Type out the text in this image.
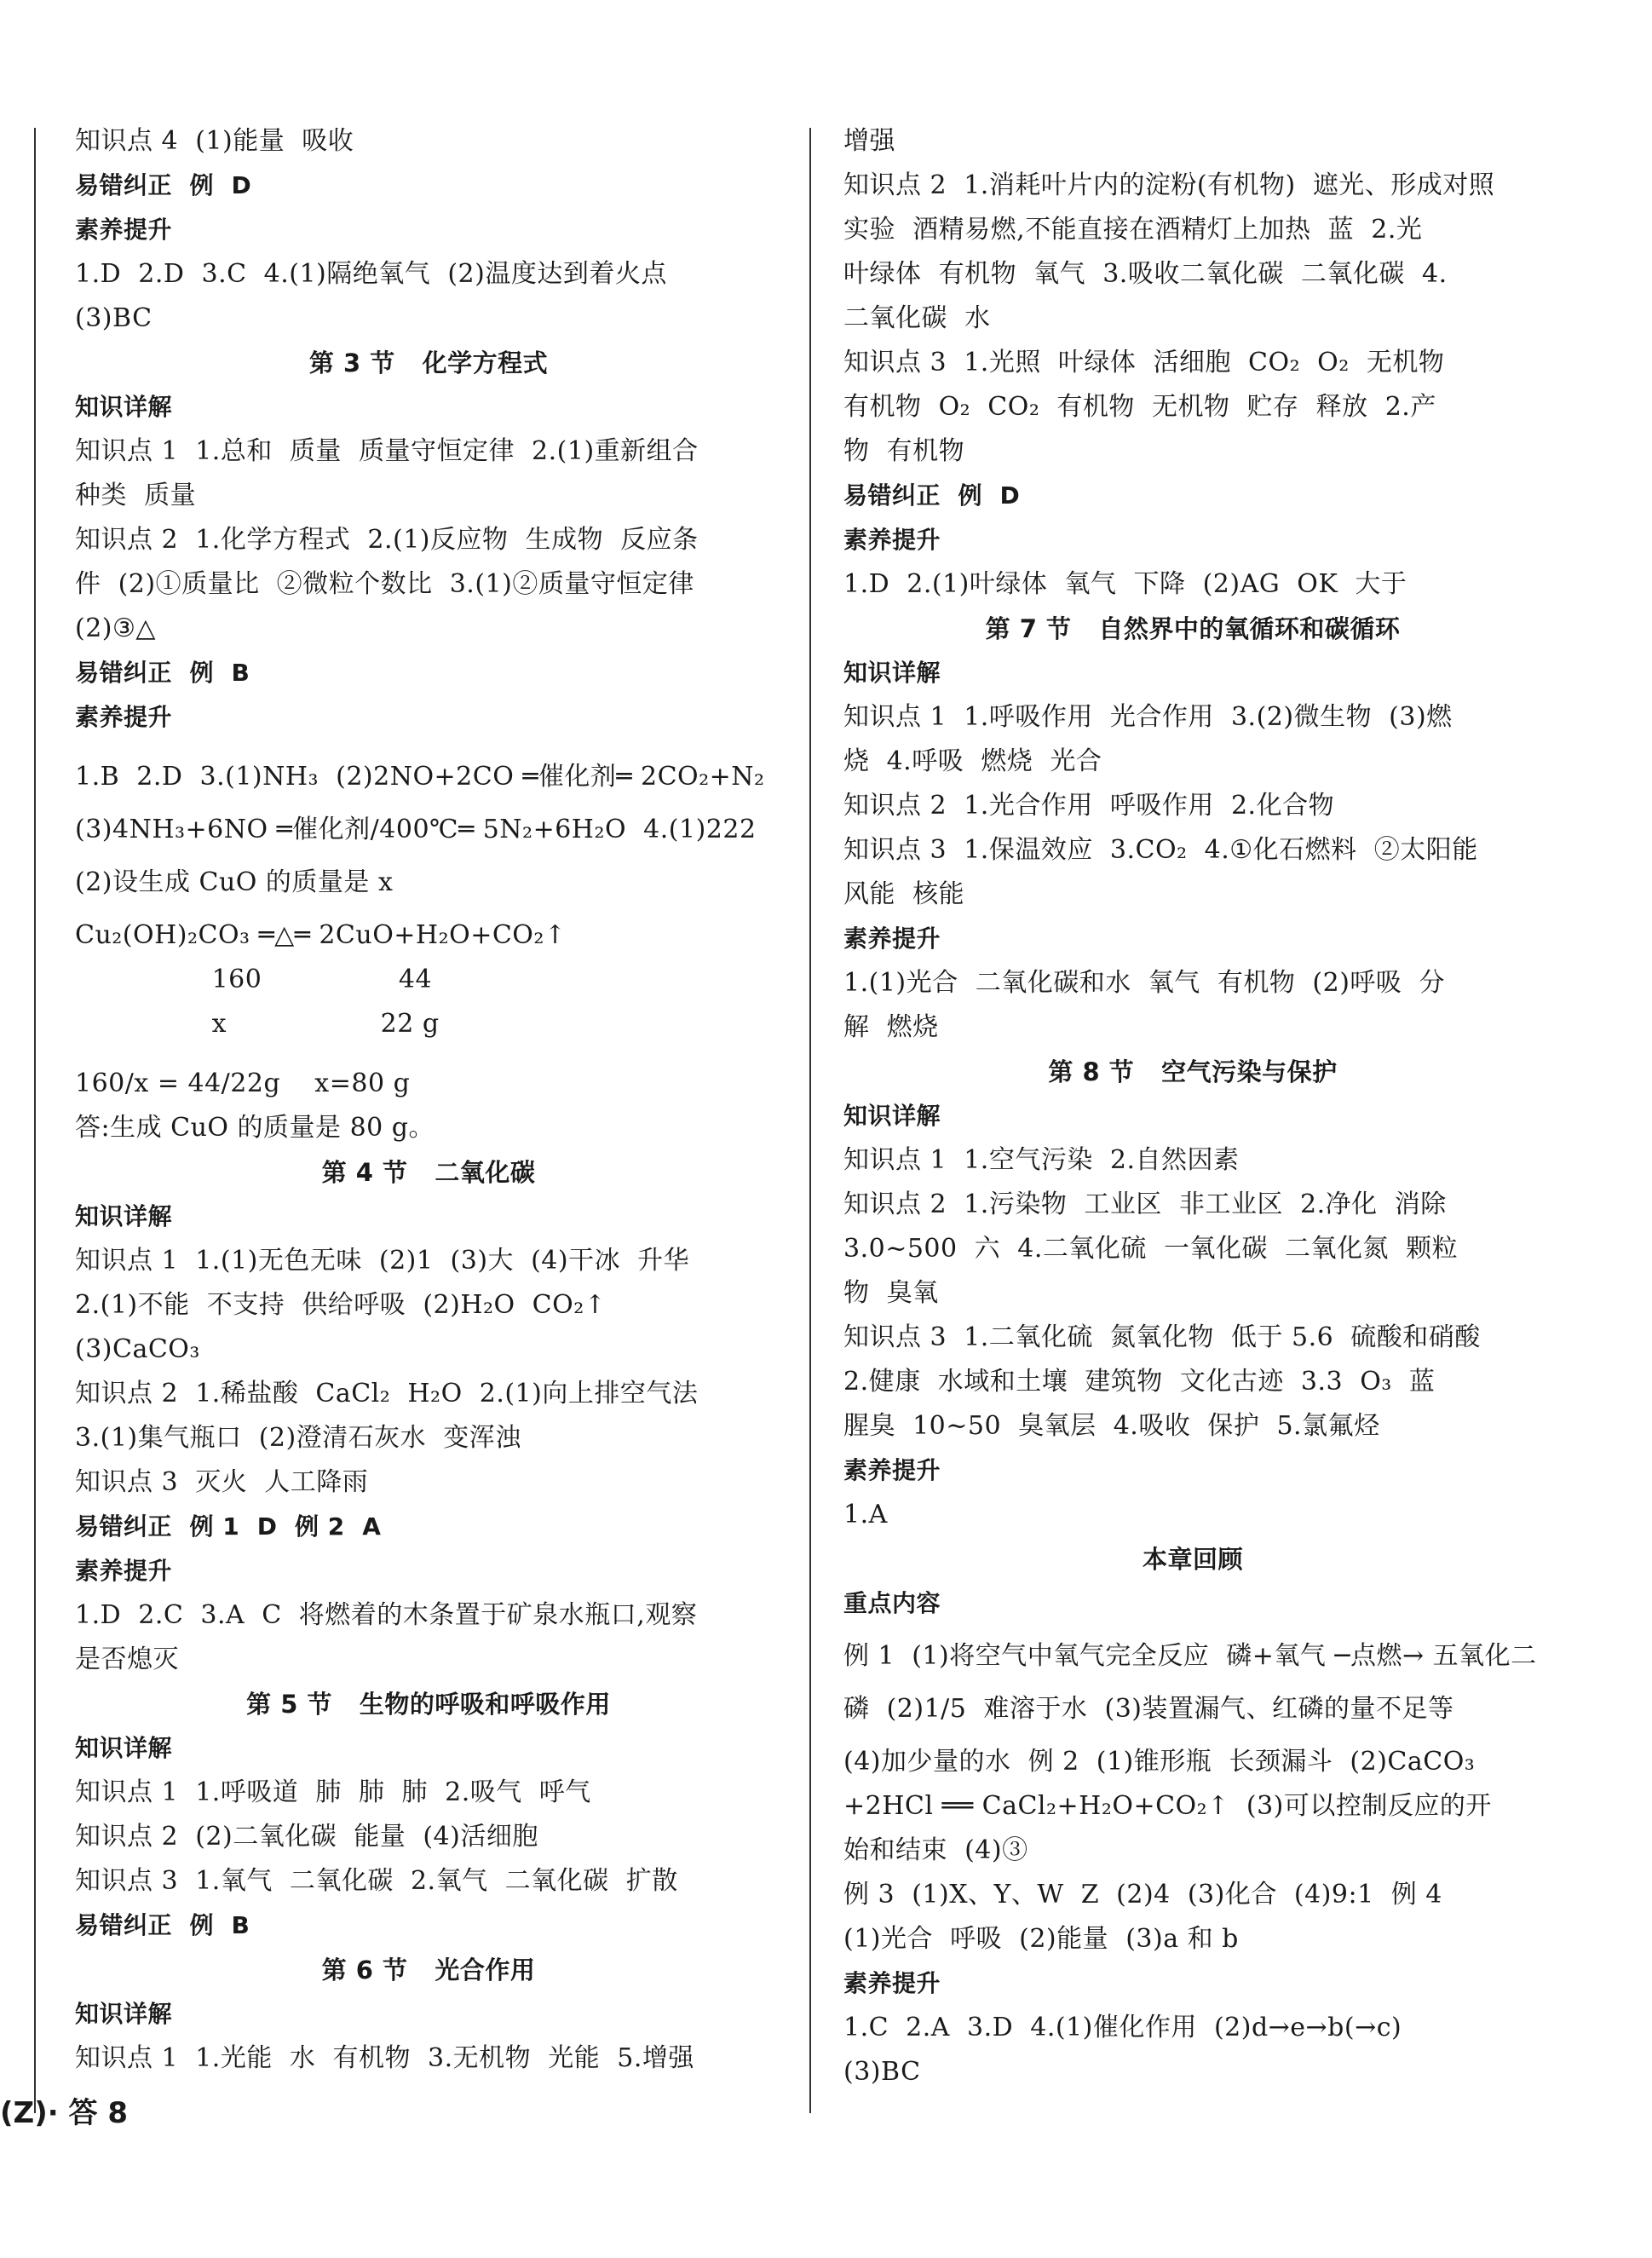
知识点 4  (1)能量  吸收
易错纠正  例  D
素养提升
1.D  2.D  3.C  4.(1)隔绝氧气  (2)温度达到着火点
(3)BC
第 3 节   化学方程式
知识详解
知识点 1  1.总和  质量  质量守恒定律  2.(1)重新组合
种类  质量
知识点 2  1.化学方程式  2.(1)反应物  生成物  反应条
件  (2)①质量比  ②微粒个数比  3.(1)②质量守恒定律
(2)③△
易错纠正  例  B
素养提升
1.B  2.D  3.(1)NH₃  (2)2NO+2CO ═催化剂═ 2CO₂+N₂
(3)4NH₃+6NO ═催化剂/400℃═ 5N₂+6H₂O  4.(1)222
(2)设生成 CuO 的质量是 x
Cu₂(OH)₂CO₃ ═△═ 2CuO+H₂O+CO₂↑
160                44
x                  22 g
160/x = 44/22g    x=80 g
答:生成 CuO 的质量是 80 g。
第 4 节   二氧化碳
知识详解
知识点 1  1.(1)无色无味  (2)1  (3)大  (4)干冰  升华
2.(1)不能  不支持  供给呼吸  (2)H₂O  CO₂↑
(3)CaCO₃
知识点 2  1.稀盐酸  CaCl₂  H₂O  2.(1)向上排空气法
3.(1)集气瓶口  (2)澄清石灰水  变浑浊
知识点 3  灭火  人工降雨
易错纠正  例 1  D  例 2  A
素养提升
1.D  2.C  3.A  C  将燃着的木条置于矿泉水瓶口,观察
是否熄灭
第 5 节   生物的呼吸和呼吸作用
知识详解
知识点 1  1.呼吸道  肺  肺  肺  2.吸气  呼气
知识点 2  (2)二氧化碳  能量  (4)活细胞
知识点 3  1.氧气  二氧化碳  2.氧气  二氧化碳  扩散
易错纠正  例  B
第 6 节   光合作用
知识详解
知识点 1  1.光能  水  有机物  3.无机物  光能  5.增强
增强
知识点 2  1.消耗叶片内的淀粉(有机物)  遮光、形成对照
实验  酒精易燃,不能直接在酒精灯上加热  蓝  2.光
叶绿体  有机物  氧气  3.吸收二氧化碳  二氧化碳  4.
二氧化碳  水
知识点 3  1.光照  叶绿体  活细胞  CO₂  O₂  无机物
有机物  O₂  CO₂  有机物  无机物  贮存  释放  2.产
物  有机物
易错纠正  例  D
素养提升
1.D  2.(1)叶绿体  氧气  下降  (2)AG  OK  大于
第 7 节   自然界中的氧循环和碳循环
知识详解
知识点 1  1.呼吸作用  光合作用  3.(2)微生物  (3)燃
烧  4.呼吸  燃烧  光合
知识点 2  1.光合作用  呼吸作用  2.化合物
知识点 3  1.保温效应  3.CO₂  4.①化石燃料  ②太阳能
风能  核能
素养提升
1.(1)光合  二氧化碳和水  氧气  有机物  (2)呼吸  分
解  燃烧
第 8 节   空气污染与保护
知识详解
知识点 1  1.空气污染  2.自然因素
知识点 2  1.污染物  工业区  非工业区  2.净化  消除
3.0~500  六  4.二氧化硫  一氧化碳  二氧化氮  颗粒
物  臭氧
知识点 3  1.二氧化硫  氮氧化物  低于 5.6  硫酸和硝酸
2.健康  水域和土壤  建筑物  文化古迹  3.3  O₃  蓝
腥臭  10~50  臭氧层  4.吸收  保护  5.氯氟烃
素养提升
1.A
本章回顾
重点内容
例 1  (1)将空气中氧气完全反应  磷+氧气 ─点燃→ 五氧化二
磷  (2)1/5  难溶于水  (3)装置漏气、红磷的量不足等
(4)加少量的水  例 2  (1)锥形瓶  长颈漏斗  (2)CaCO₃
+2HCl ══ CaCl₂+H₂O+CO₂↑  (3)可以控制反应的开
始和结束  (4)③
例 3  (1)X、Y、W  Z  (2)4  (3)化合  (4)9:1  例 4
(1)光合  呼吸  (2)能量  (3)a 和 b
素养提升
1.C  2.A  3.D  4.(1)催化作用  (2)d→e→b(→c)
(3)BC
(Z)· 答 8
